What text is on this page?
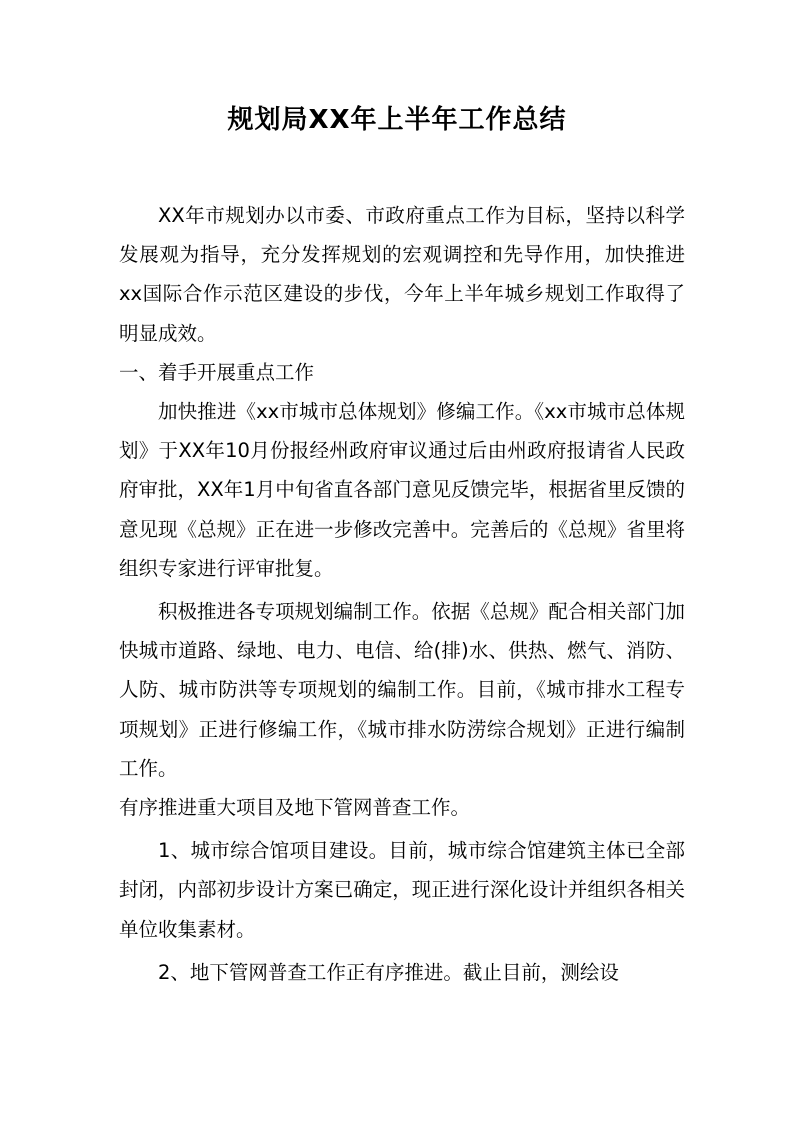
规划局XX年上半年工作总结

XX年市规划办以市委、市政府重点工作为目标，坚持以科学发展观为指导，充分发挥规划的宏观调控和先导作用，加快推进xx国际合作示范区建设的步伐，今年上半年城乡规划工作取得了明显成效。

一、着手开展重点工作

加快推进《xx市城市总体规划》修编工作。《xx市城市总体规划》于XX年10月份报经州政府审议通过后由州政府报请省人民政府审批，XX年1月中旬省直各部门意见反馈完毕，根据省里反馈的意见现《总规》正在进一步修改完善中。完善后的《总规》省里将组织专家进行评审批复。

积极推进各专项规划编制工作。依据《总规》配合相关部门加快城市道路、绿地、电力、电信、给(排)水、供热、燃气、消防、人防、城市防洪等专项规划的编制工作。目前，《城市排水工程专项规划》正进行修编工作，《城市排水防涝综合规划》正进行编制工作。

有序推进重大项目及地下管网普查工作。

1、城市综合馆项目建设。目前，城市综合馆建筑主体已全部封闭，内部初步设计方案已确定，现正进行深化设计并组织各相关单位收集素材。

2、地下管网普查工作正有序推进。截止目前，测绘设
